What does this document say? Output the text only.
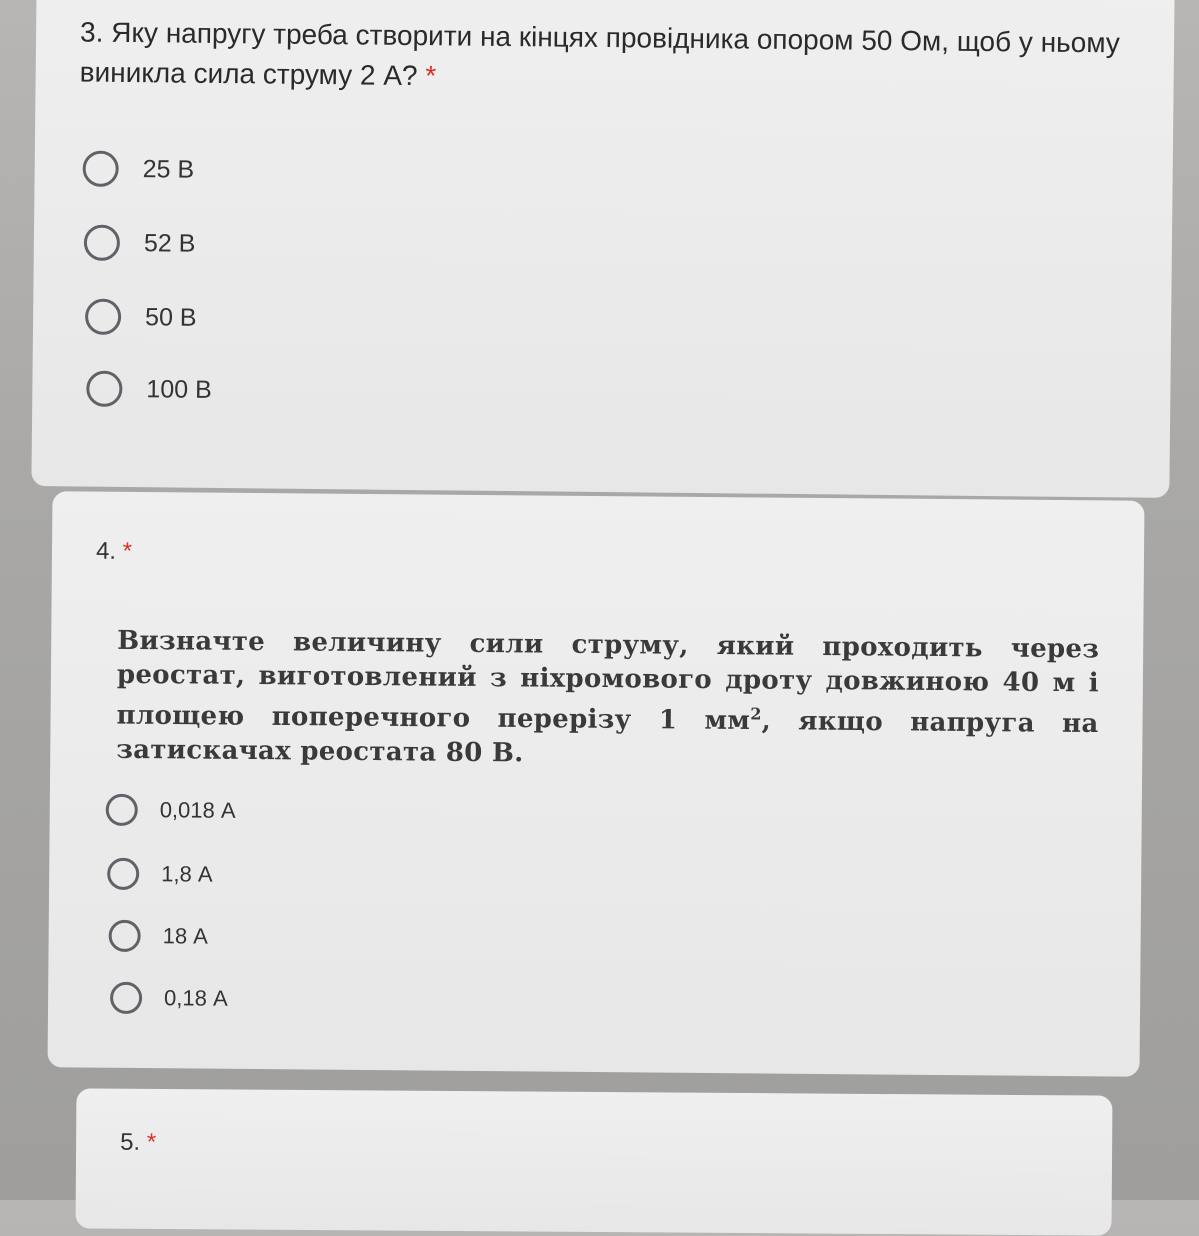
3. Яку напругу треба створити на кінцях провідника опором 50 Ом, щоб у ньому виникла сила струму 2 А? *
25 В
52 В
50 В
100 В
4. *
Визначте величину сили струму, який проходить через реостат, виготовлений з ніхромового дроту довжиною 40 м і площею поперечного перерізу 1 $мм^2$, якщо напруга на затискачах реостата 80 В.
0,018 А
1,8 А
18 А
0,18 А
5. *
